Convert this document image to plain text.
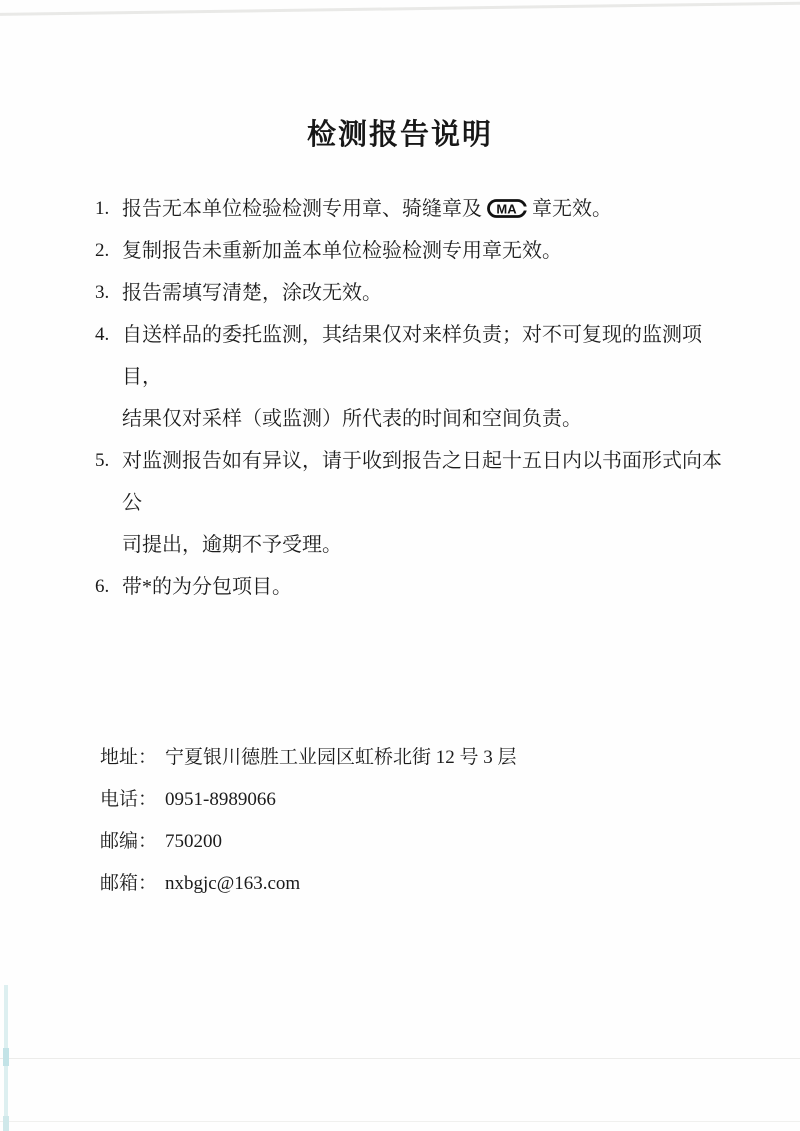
检测报告说明
1. 报告无本单位检验检测专用章、骑缝章及 MA 章无效。
2. 复制报告未重新加盖本单位检验检测专用章无效。
3. 报告需填写清楚，涂改无效。
4. 自送样品的委托监测，其结果仅对来样负责；对不可复现的监测项目，
结果仅对采样（或监测）所代表的时间和空间负责。
5. 对监测报告如有异议，请于收到报告之日起十五日内以书面形式向本公
司提出，逾期不予受理。
6. 带*的为分包项目。
地址： 宁夏银川德胜工业园区虹桥北街 12 号 3 层
电话： 0951-8989066
邮编： 750200
邮箱： nxbgjc@163.com
